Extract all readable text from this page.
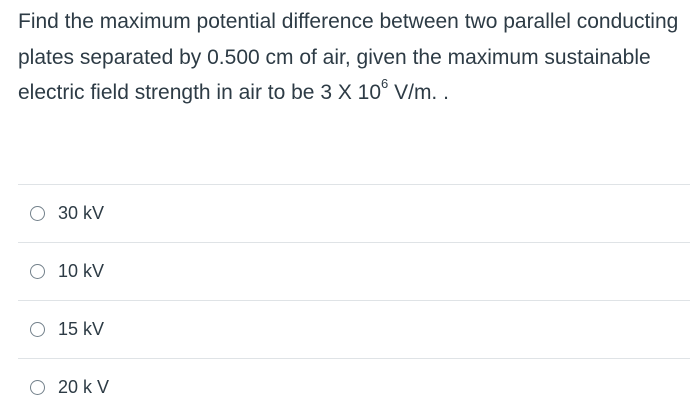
Find the maximum potential difference between two parallel conducting plates separated by 0.500 cm of air, given the maximum sustainable electric field strength in air to be 3 X $10^6$ V/m. .
30 kV
10 kV
15 kV
20 k V
